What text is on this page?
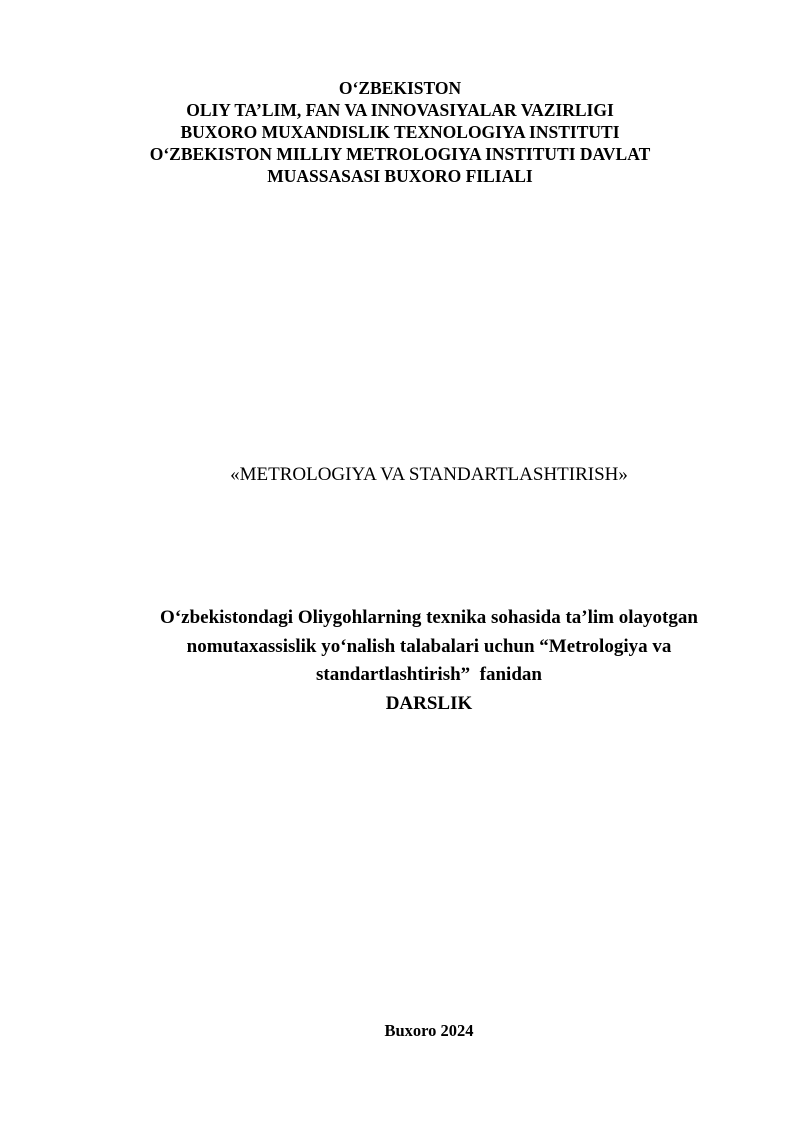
O‘ZBEKISTON
OLIY TA’LIM, FAN VA INNOVASIYALAR VAZIRLIGI
BUXORO MUXANDISLIK TEXNOLOGIYA INSTITUTI
O‘ZBEKISTON MILLIY METROLOGIYA INSTITUTI DAVLAT
MUASSASASI BUXORO FILIALI
«METROLOGIYA VA STANDARTLASHTIRISH»
O‘zbekistondagi Oliygohlarning texnika sohasida ta’lim olayotgan
nomutaxassislik yo‘nalish talabalari uchun “Metrologiya va
standartlashtirish”  fanidan
DARSLIK
Buxoro 2024
